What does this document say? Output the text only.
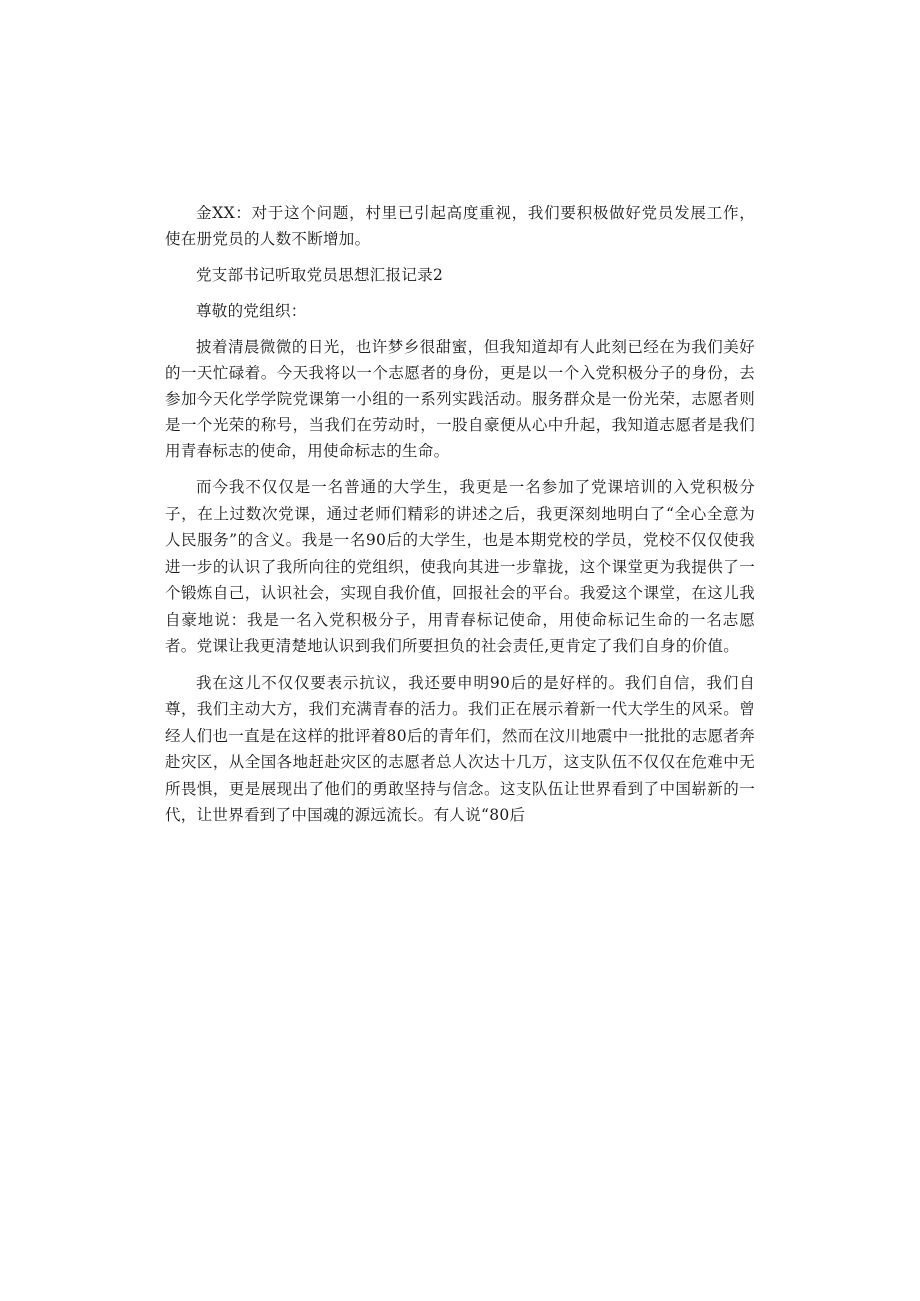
金XX：对于这个问题，村里已引起高度重视，我们要积极做好党员发展工作，使在册党员的人数不断增加。

党支部书记听取党员思想汇报记录2

尊敬的党组织：

披着清晨微微的日光，也许梦乡很甜蜜，但我知道却有人此刻已经在为我们美好的一天忙碌着。今天我将以一个志愿者的身份，更是以一个入党积极分子的身份，去参加今天化学学院党课第一小组的一系列实践活动。服务群众是一份光荣，志愿者则是一个光荣的称号，当我们在劳动时，一股自豪便从心中升起，我知道志愿者是我们用青春标志的使命，用使命标志的生命。

而今我不仅仅是一名普通的大学生，我更是一名参加了党课培训的入党积极分子，在上过数次党课，通过老师们精彩的讲述之后，我更深刻地明白了“全心全意为人民服务”的含义。我是一名90后的大学生，也是本期党校的学员，党校不仅仅使我进一步的认识了我所向往的党组织，使我向其进一步靠拢，这个课堂更为我提供了一个锻炼自己，认识社会，实现自我价值，回报社会的平台。我爱这个课堂，在这儿我自豪地说：我是一名入党积极分子，用青春标记使命，用使命标记生命的一名志愿者。党课让我更清楚地认识到我们所要担负的社会责任,更肯定了我们自身的价值。

我在这儿不仅仅要表示抗议，我还要申明90后的是好样的。我们自信，我们自尊，我们主动大方，我们充满青春的活力。我们正在展示着新一代大学生的风采。曾经人们也一直是在这样的批评着80后的青年们，然而在汶川地震中一批批的志愿者奔赴灾区，从全国各地赶赴灾区的志愿者总人次达十几万，这支队伍不仅仅在危难中无所畏惧，更是展现出了他们的勇敢坚持与信念。这支队伍让世界看到了中国崭新的一代，让世界看到了中国魂的源远流长。有人说“80后
